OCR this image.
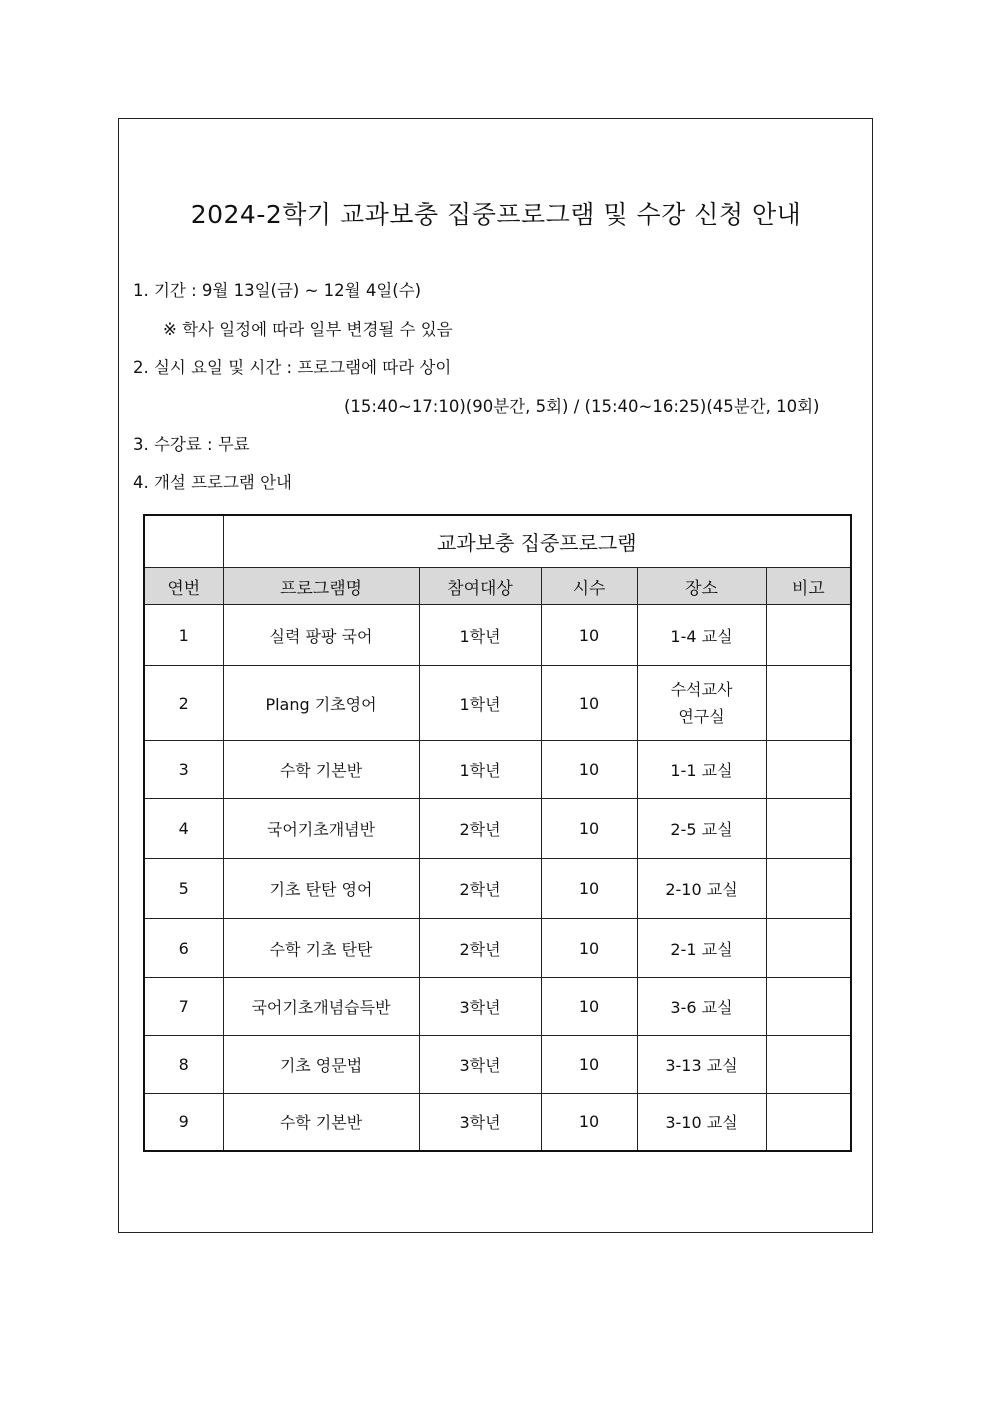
2024-2학기 교과보충 집중프로그램 및 수강 신청 안내
1. 기간 : 9월 13일(금) ~ 12월 4일(수)
※ 학사 일정에 따라 일부 변경될 수 있음
2. 실시 요일 및 시간 : 프로그램에 따라 상이
(15:40~17:10)(90분간, 5회) / (15:40~16:25)(45분간, 10회)
3. 수강료 : 무료
4. 개설 프로그램 안내
	교과보충 집중프로그램				
연번	프로그램명	참여대상	시수	장소	비고
1	실력 팡팡 국어	1학년	10	1-4 교실	
2	Plang 기초영어	1학년	10	수석교사
연구실	

3	수학 기본반	1학년	10	1-1 교실	
4	국어기초개념반	2학년	10	2-5 교실	
5	기초 탄탄 영어	2학년	10	2-10 교실	
6	수학 기초 탄탄	2학년	10	2-1 교실	
7	국어기초개념습득반	3학년	10	3-6 교실	
8	기초 영문법	3학년	10	3-13 교실	
9	수학 기본반	3학년	10	3-10 교실	
